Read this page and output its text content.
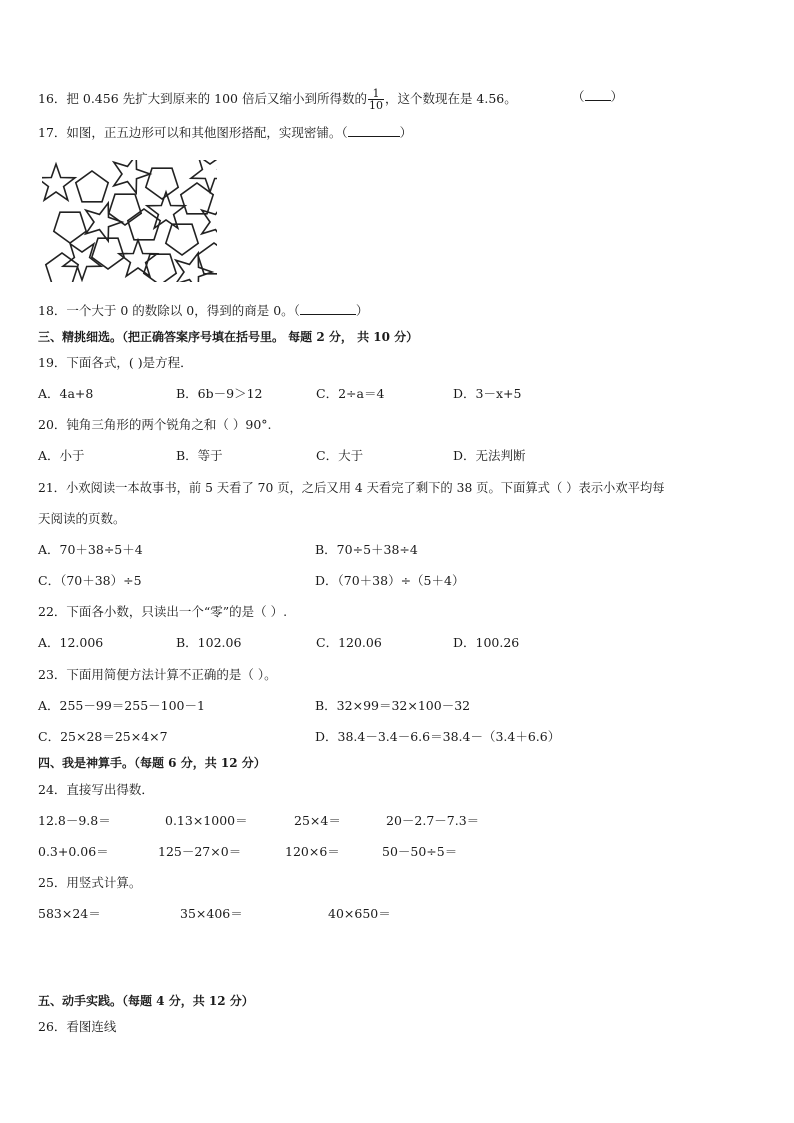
16．把 0.456 先扩大到原来的 100 倍后又缩小到所得数的 $\frac{1}{10}$ ，这个数现在是 4.56。	（ ）
17．如图，正五边形可以和其他图形搭配，实现密铺。（	）
18．一个大于 0 的数除以 0，得到的商是 0。（	）
三、精挑细选。（把正确答案序号填在括号里。 每题 2 分， 共 10 分）
19．下面各式，( )是方程．
A．4a+8	B．6b－9＞12	C．2÷a＝4	D．3－x+5
20．钝角三角形的两个锐角之和（ ）90°.
A．小于	B．等于	C．大于	D．无法判断
21．小欢阅读一本故事书，前 5 天看了 70 页，之后又用 4 天看完了剩下的 38 页。下面算式（ ）表示小欢平均每
天阅读的页数。
A．70＋38÷5＋4	B．70÷5＋38÷4
C．（70＋38）÷5	D．（70＋38）÷（5＋4）
22．下面各小数，只读出一个“零”的是（ ）.
A．12.006	B．102.06	C．120.06	D．100.26
23．下面用简便方法计算不正确的是（ ）。
A．255－99＝255－100－1	B．32×99＝32×100－32
C．25×28＝25×4×7	D．38.4－3.4－6.6＝38.4－（3.4＋6.6）
四、我是神算手。（每题 6 分，共 12 分）
24．直接写出得数．
12.8－9.8＝	0.13×1000＝	25×4＝	20－2.7－7.3＝
0.3+0.06＝	125－27×0＝	120×6＝	50－50÷5＝
25．用竖式计算。
583×24＝	35×406＝	40×650＝
五、动手实践。（每题 4 分，共 12 分）
26．看图连线
